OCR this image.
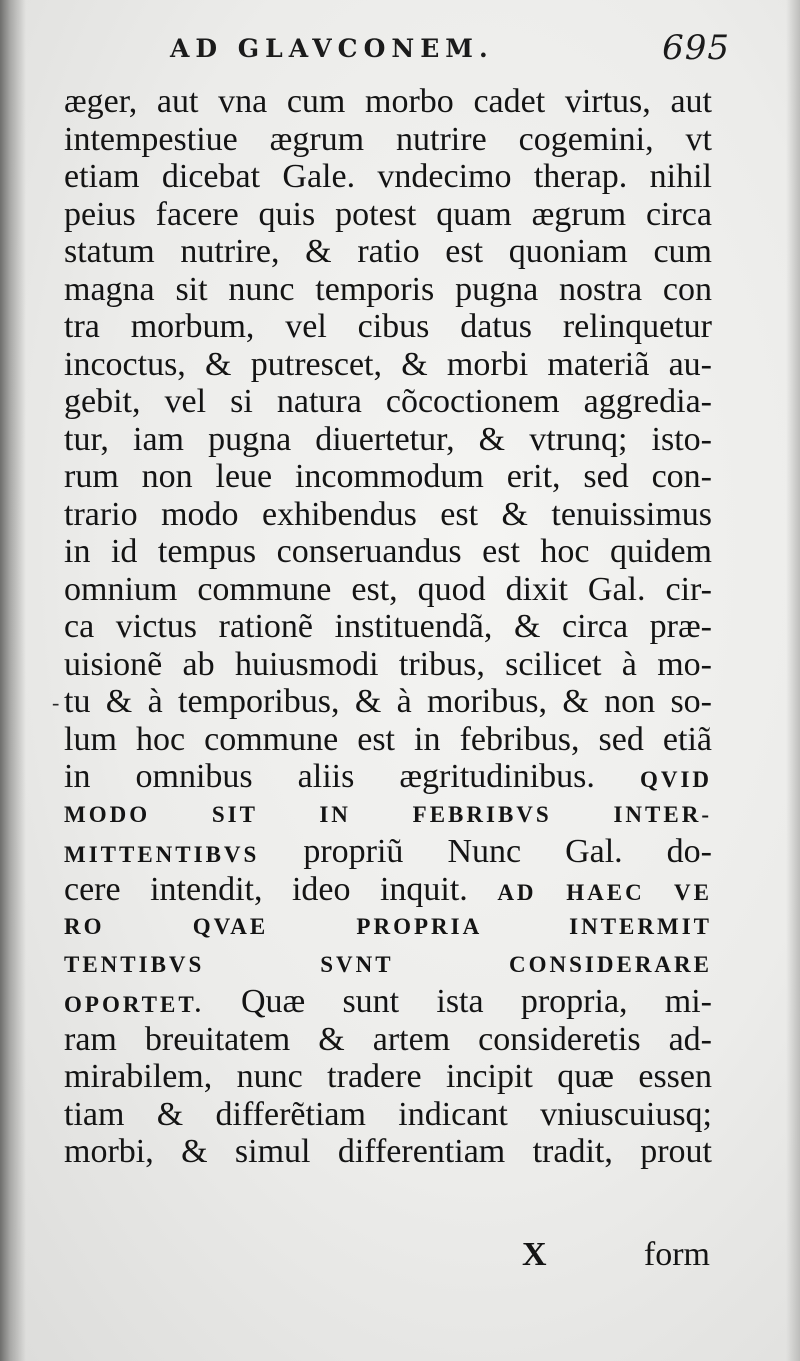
AD GLAVCONEM.	695
-
æger, aut vna cum morbo cadet virtus, aut
intempestiue ægrum nutrire cogemini, vt
etiam dicebat Gale. vndecimo therap. nihil
peius facere quis potest quam ægrum circa
statum nutrire, & ratio est quoniam cum
magna sit nunc temporis pugna nostra con
tra morbum, vel cibus datus relinquetur
incoctus, & putrescet, & morbi materiã au-
gebit, vel si natura cõcoctionem aggredia-
tur, iam pugna diuertetur, & vtrunq; isto-
rum non leue incommodum erit, sed con-
trario modo exhibendus est & tenuissimus
in id tempus conseruandus est hoc quidem
omnium commune est, quod dixit Gal. cir-
ca victus rationẽ instituendã, & circa præ-
uisionẽ ab huiusmodi tribus, scilicet à mo-
tu & à temporibus, & à moribus, & non so-
lum hoc commune est in febribus, sed etiã
in omnibus aliis ægritudinibus. QVID
MODO SIT IN FEBRIBVS INTER-
MITTENTIBVS propriũ Nunc Gal. do-
cere intendit, ideo inquit. AD HAEC VE
RO QVAE PROPRIA INTERMIT
TENTIBVS SVNT CONSIDERARE
OPORTET. Quæ sunt ista propria, mi-
ram breuitatem & artem consideretis ad-
mirabilem, nunc tradere incipit quæ essen
tiam & differẽtiam indicant vniuscuiusq;
morbi, & simul differentiam tradit, prout
X	form
